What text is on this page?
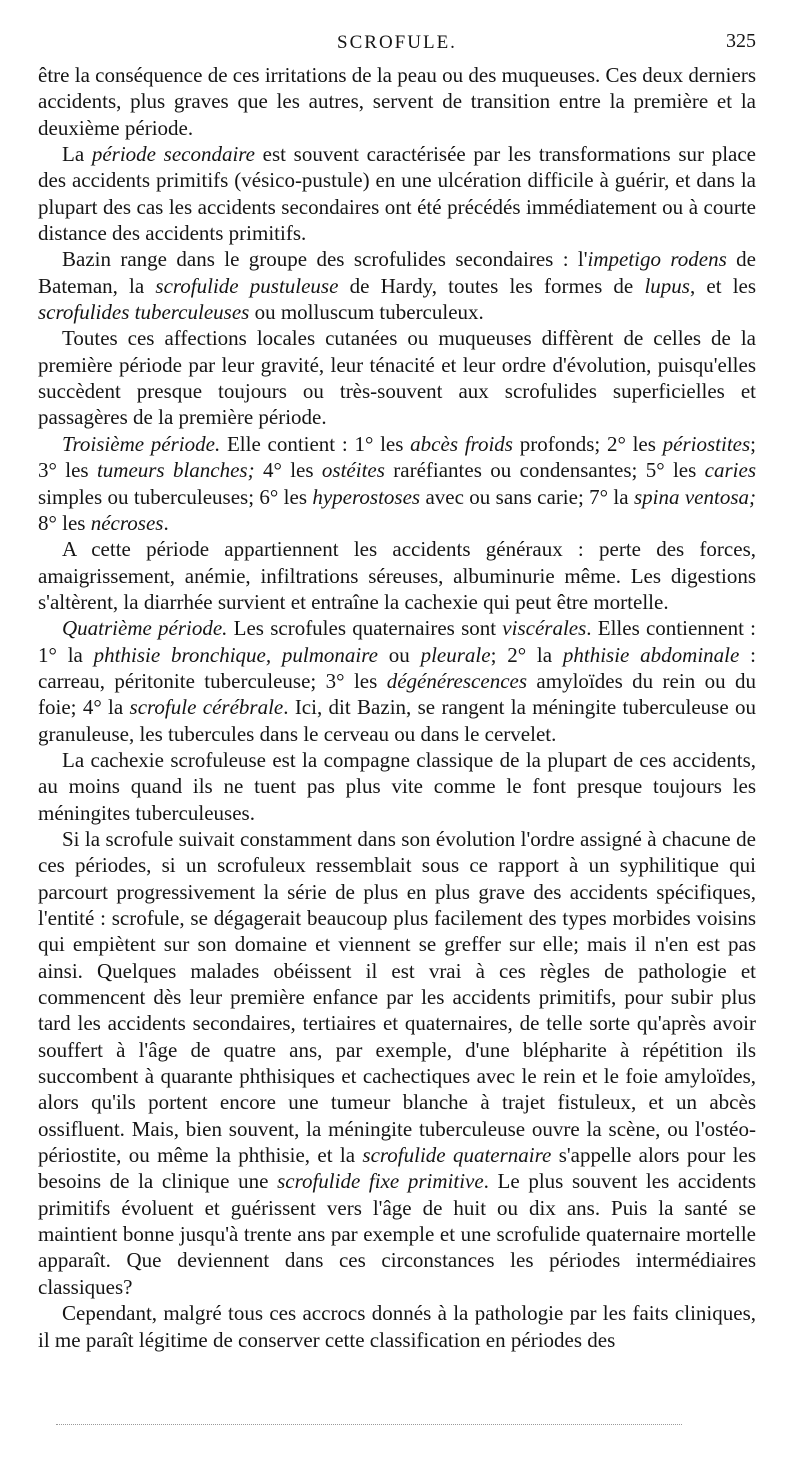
SCROFULE.	325

être la conséquence de ces irritations de la peau ou des muqueuses. Ces deux derniers accidents, plus graves que les autres, servent de transition entre la première et la deuxième période.

La période secondaire est souvent caractérisée par les transformations sur place des accidents primitifs (vésico-pustule) en une ulcération difficile à guérir, et dans la plupart des cas les accidents secondaires ont été précédés immédiatement ou à courte distance des accidents primitifs.

Bazin range dans le groupe des scrofulides secondaires : l'impetigo rodens de Bateman, la scrofulide pustuleuse de Hardy, toutes les formes de lupus, et les scrofulides tuberculeuses ou molluscum tuberculeux.

Toutes ces affections locales cutanées ou muqueuses diffèrent de celles de la première période par leur gravité, leur ténacité et leur ordre d'évolution, puisqu'elles succèdent presque toujours ou très-souvent aux scrofulides superficielles et passagères de la première période.

Troisième période. Elle contient : 1° les abcès froids profonds; 2° les périostites; 3° les tumeurs blanches; 4° les ostéites raréfiantes ou condensantes; 5° les caries simples ou tuberculeuses; 6° les hyperostoses avec ou sans carie; 7° la spina ventosa; 8° les nécroses.

A cette période appartiennent les accidents généraux : perte des forces, amaigrissement, anémie, infiltrations séreuses, albuminurie même. Les digestions s'altèrent, la diarrhée survient et entraîne la cachexie qui peut être mortelle.

Quatrième période. Les scrofules quaternaires sont viscérales. Elles contiennent : 1° la phthisie bronchique, pulmonaire ou pleurale; 2° la phthisie abdominale : carreau, péritonite tuberculeuse; 3° les dégénérescences amyloïdes du rein ou du foie; 4° la scrofule cérébrale. Ici, dit Bazin, se rangent la méningite tuberculeuse ou granuleuse, les tubercules dans le cerveau ou dans le cervelet.

La cachexie scrofuleuse est la compagne classique de la plupart de ces accidents, au moins quand ils ne tuent pas plus vite comme le font presque toujours les méningites tuberculeuses.

Si la scrofule suivait constamment dans son évolution l'ordre assigné à chacune de ces périodes, si un scrofuleux ressemblait sous ce rapport à un syphilitique qui parcourt progressivement la série de plus en plus grave des accidents spécifiques, l'entité : scrofule, se dégagerait beaucoup plus facilement des types morbides voisins qui empiètent sur son domaine et viennent se greffer sur elle; mais il n'en est pas ainsi. Quelques malades obéissent il est vrai à ces règles de pathologie et commencent dès leur première enfance par les accidents primitifs, pour subir plus tard les accidents secondaires, tertiaires et quaternaires, de telle sorte qu'après avoir souffert à l'âge de quatre ans, par exemple, d'une blépharite à répétition ils succombent à quarante phthisiques et cachectiques avec le rein et le foie amyloïdes, alors qu'ils portent encore une tumeur blanche à trajet fistuleux, et un abcès ossifluent. Mais, bien souvent, la méningite tuberculeuse ouvre la scène, ou l'ostéo-périostite, ou même la phthisie, et la scrofulide quaternaire s'appelle alors pour les besoins de la clinique une scrofulide fixe primitive. Le plus souvent les accidents primitifs évoluent et guérissent vers l'âge de huit ou dix ans. Puis la santé se maintient bonne jusqu'à trente ans par exemple et une scrofulide quaternaire mortelle apparaît. Que deviennent dans ces circonstances les périodes intermédiaires classiques?

Cependant, malgré tous ces accrocs donnés à la pathologie par les faits cliniques, il me paraît légitime de conserver cette classification en périodes des
